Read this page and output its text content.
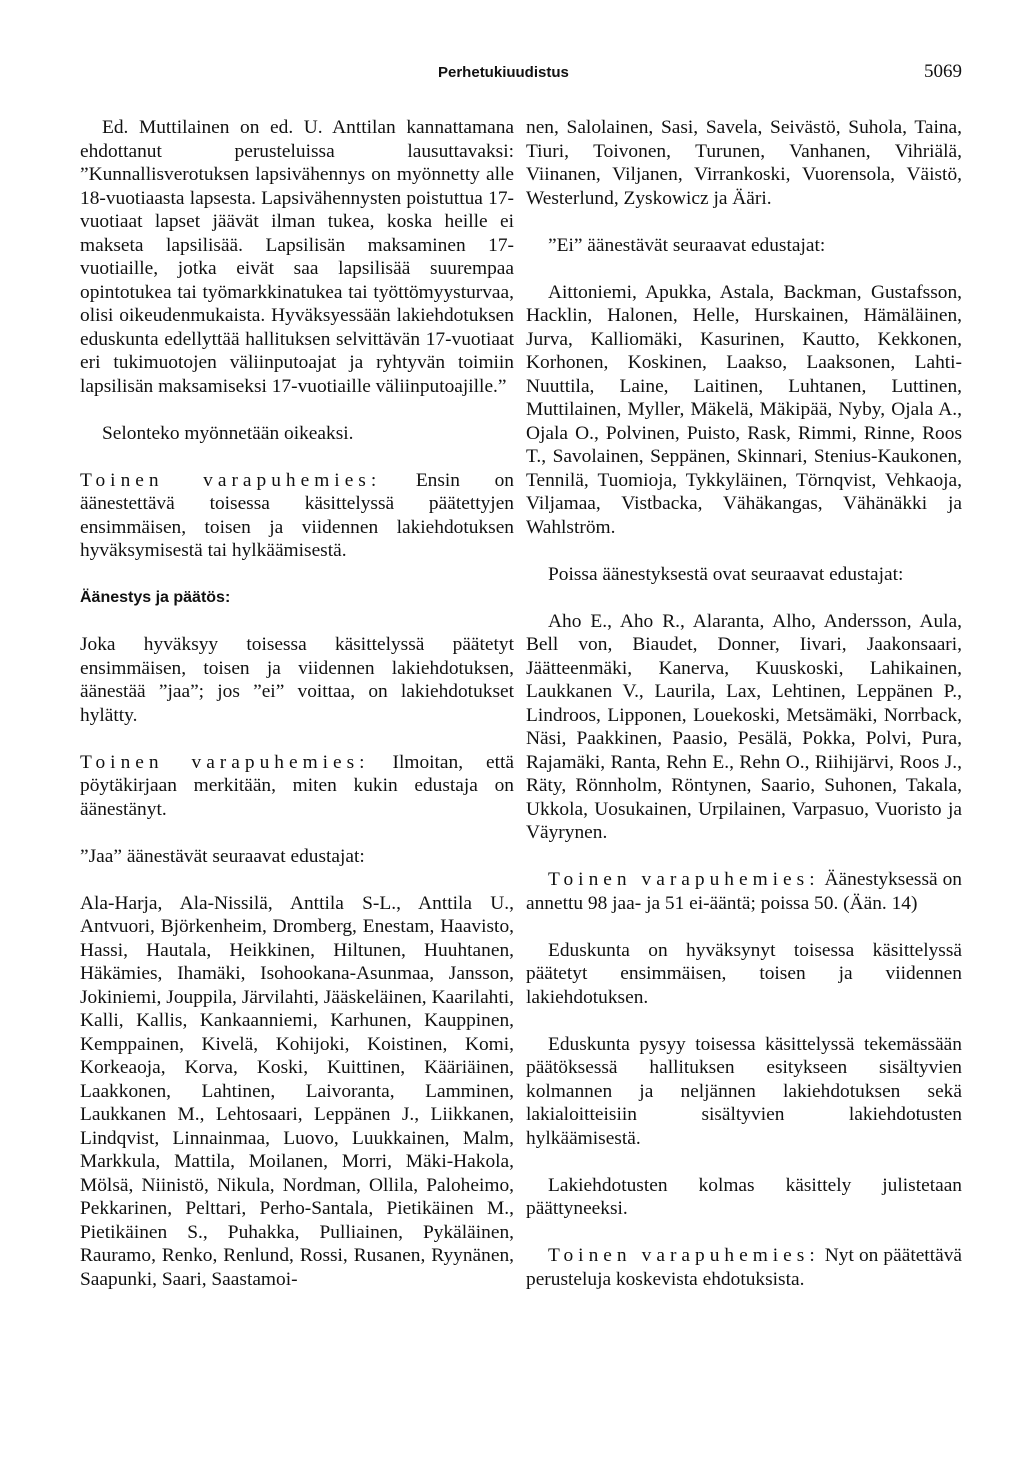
Perhetukiuudistus	5069

Ed. Muttilainen on ed. U. Anttilan kannattamana ehdottanut perusteluissa lausuttavaksi: ”Kunnallisverotuksen lapsivähennys on myönnetty alle 18-vuotiaasta lapsesta. Lapsivähennysten poistuttua 17-vuotiaat lapset jäävät ilman tukea, koska heille ei makseta lapsilisää. Lapsilisän maksaminen 17-vuotiaille, jotka eivät saa lapsilisää suurempaa opintotukea tai työmarkkinatukea tai työttömyysturvaa, olisi oikeudenmukaista. Hyväksyessään lakiehdotuksen eduskunta edellyttää hallituksen selvittävän 17-vuotiaat eri tukimuotojen väliinputoajat ja ryhtyvän toimiin lapsilisän maksamiseksi 17-vuotiaille väliinputoajille.”

Selonteko myönnetään oikeaksi.

Toinen varapuhemies: Ensin on äänestettävä toisessa käsittelyssä päätettyjen ensimmäisen, toisen ja viidennen lakiehdotuksen hyväksymisestä tai hylkäämisestä.

Äänestys ja päätös:

Joka hyväksyy toisessa käsittelyssä päätetyt ensimmäisen, toisen ja viidennen lakiehdotuksen, äänestää ”jaa”; jos ”ei” voittaa, on lakiehdotukset hylätty.

Toinen varapuhemies: Ilmoitan, että pöytäkirjaan merkitään, miten kukin edustaja on äänestänyt.

”Jaa” äänestävät seuraavat edustajat:

Ala-Harja, Ala-Nissilä, Anttila S-L., Anttila U., Antvuori, Björkenheim, Dromberg, Enestam, Haavisto, Hassi, Hautala, Heikkinen, Hiltunen, Huuhtanen, Häkämies, Ihamäki, Isohookana-Asunmaa, Jansson, Jokiniemi, Jouppila, Järvilahti, Jääskeläinen, Kaarilahti, Kalli, Kallis, Kankaanniemi, Karhunen, Kauppinen, Kemppainen, Kivelä, Kohijoki, Koistinen, Komi, Korkeaoja, Korva, Koski, Kuittinen, Kääriäinen, Laakkonen, Lahtinen, Laivoranta, Lamminen, Laukkanen M., Lehtosaari, Leppänen J., Liikkanen, Lindqvist, Linnainmaa, Luovo, Luukkainen, Malm, Markkula, Mattila, Moilanen, Morri, Mäki-Hakola, Mölsä, Niinistö, Nikula, Nordman, Ollila, Paloheimo, Pekkarinen, Pelttari, Perho-Santala, Pietikäinen M., Pietikäinen S., Puhakka, Pulliainen, Pykäläinen, Rauramo, Renko, Renlund, Rossi, Rusanen, Ryynänen, Saapunki, Saari, Saastamoi-

nen, Salolainen, Sasi, Savela, Seivästö, Suhola, Taina, Tiuri, Toivonen, Turunen, Vanhanen, Vihriälä, Viinanen, Viljanen, Virrankoski, Vuorensola, Väistö, Westerlund, Zyskowicz ja Ääri.

”Ei” äänestävät seuraavat edustajat:

Aittoniemi, Apukka, Astala, Backman, Gustafsson, Hacklin, Halonen, Helle, Hurskainen, Hämäläinen, Jurva, Kalliomäki, Kasurinen, Kautto, Kekkonen, Korhonen, Koskinen, Laakso, Laaksonen, Lahti-Nuuttila, Laine, Laitinen, Luhtanen, Luttinen, Muttilainen, Myller, Mäkelä, Mäkipää, Nyby, Ojala A., Ojala O., Polvinen, Puisto, Rask, Rimmi, Rinne, Roos T., Savolainen, Seppänen, Skinnari, Stenius-Kaukonen, Tennilä, Tuomioja, Tykkyläinen, Törnqvist, Vehkaoja, Viljamaa, Vistbacka, Vähäkangas, Vähänäkki ja Wahlström.

Poissa äänestyksestä ovat seuraavat edustajat:

Aho E., Aho R., Alaranta, Alho, Andersson, Aula, Bell von, Biaudet, Donner, Iivari, Jaakonsaari, Jäätteenmäki, Kanerva, Kuuskoski, Lahikainen, Laukkanen V., Laurila, Lax, Lehtinen, Leppänen P., Lindroos, Lipponen, Louekoski, Metsämäki, Norrback, Näsi, Paakkinen, Paasio, Pesälä, Pokka, Polvi, Pura, Rajamäki, Ranta, Rehn E., Rehn O., Riihijärvi, Roos J., Räty, Rönnholm, Röntynen, Saario, Suhonen, Takala, Ukkola, Uosukainen, Urpilainen, Varpasuo, Vuoristo ja Väyrynen.

Toinen varapuhemies: Äänestyksessä on annettu 98 jaa- ja 51 ei-ääntä; poissa 50. (Ään. 14)

Eduskunta on hyväksynyt toisessa käsittelyssä päätetyt ensimmäisen, toisen ja viidennen lakiehdotuksen.

Eduskunta pysyy toisessa käsittelyssä tekemässään päätöksessä hallituksen esitykseen sisältyvien kolmannen ja neljännen lakiehdotuksen sekä lakialoitteisiin sisältyvien lakiehdotusten hylkäämisestä.

Lakiehdotusten kolmas käsittely julistetaan päättyneeksi.

Toinen varapuhemies: Nyt on päätettävä perusteluja koskevista ehdotuksista.
